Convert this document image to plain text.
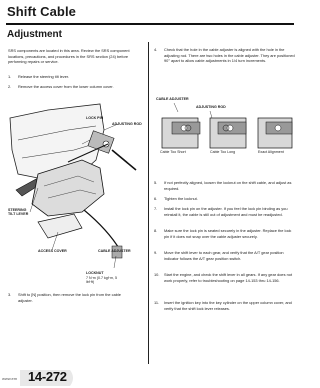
Shift Cable
Adjustment
SRS components are located in this area. Review the SRS component locations, precautions, and procedures in the SRS section (24) before performing repairs or service.
1.	Release the steering tilt lever.
2.	Remove the access cover from the lower column cover.
LOCK PIN
ADJUSTING ROD
STEERING TILT LEVER
ACCESS COVER	CABLE ADJUSTER
LOCKNUT
7 N·m (0.7 kgf·m, 5 lbf·ft)
3.	Shift to [N] position, then remove the lock pin from the cable adjuster.
4.	Check that the hole in the cable adjuster is aligned with the hole in the adjusting rod. There are two holes in the cable adjuster. They are positioned 90° apart to allow cable adjustments in 1/4 turn increments.
CABLE ADJUSTER
ADJUSTING ROD
Cable Too Short	Cable Too Long	Exact Alignment
5.	If not perfectly aligned, loosen the locknut on the shift cable, and adjust as required.
6.	Tighten the locknut.
7.	Install the lock pin on the adjuster. If you feel the lock pin binding as you reinstall it, the cable is still out of adjustment and must be readjusted.
8.	Make sure the lock pin is seated securely in the adjuster. Replace the lock pin if it does not snap over the cable adjuster securely.
9.	Move the shift lever to each gear, and verify that the A/T gear position indicator follows the A/T gear position switch.
10.	Start the engine, and check the shift lever in all gears. If any gear does not work properly, refer to troubleshooting on page 14-153 thru 14-156.
11.	Insert the ignition key into the key cylinder on the upper column cover, and verify that the shift lock lever releases.
14-272
www.em
